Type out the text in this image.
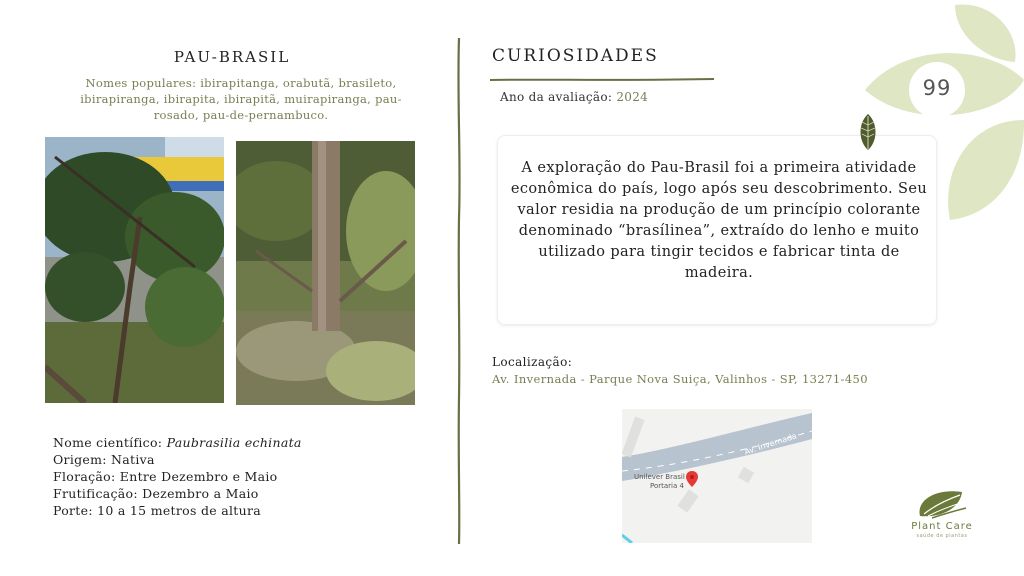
PAU-BRASIL
Nomes populares: ibirapitanga, orabutã, brasileto, ibirapiranga, ibirapita, ibirapitã, muirapiranga, pau-rosado, pau-de-pernambuco.
Nome científico: Paubrasilia echinata
Origem: Nativa
Floração: Entre Dezembro e Maio
Frutificação: Dezembro a Maio
Porte: 10 a 15 metros de altura
CURIOSIDADES
Ano da avaliação: 2024
A exploração do Pau-Brasil foi a primeira atividade econômica do país, logo após seu descobrimento. Seu valor residia na produção de um princípio colorante denominado “brasílinea”, extraído do lenho e muito utilizado para tingir tecidos e fabricar tinta de madeira.
Localização:
Av. Invernada - Parque Nova Suiça, Valinhos - SP, 13271-450
Av. Invernada
Unilever Brasil
Portaria 4
99
Plant Care
saúde de plantas
